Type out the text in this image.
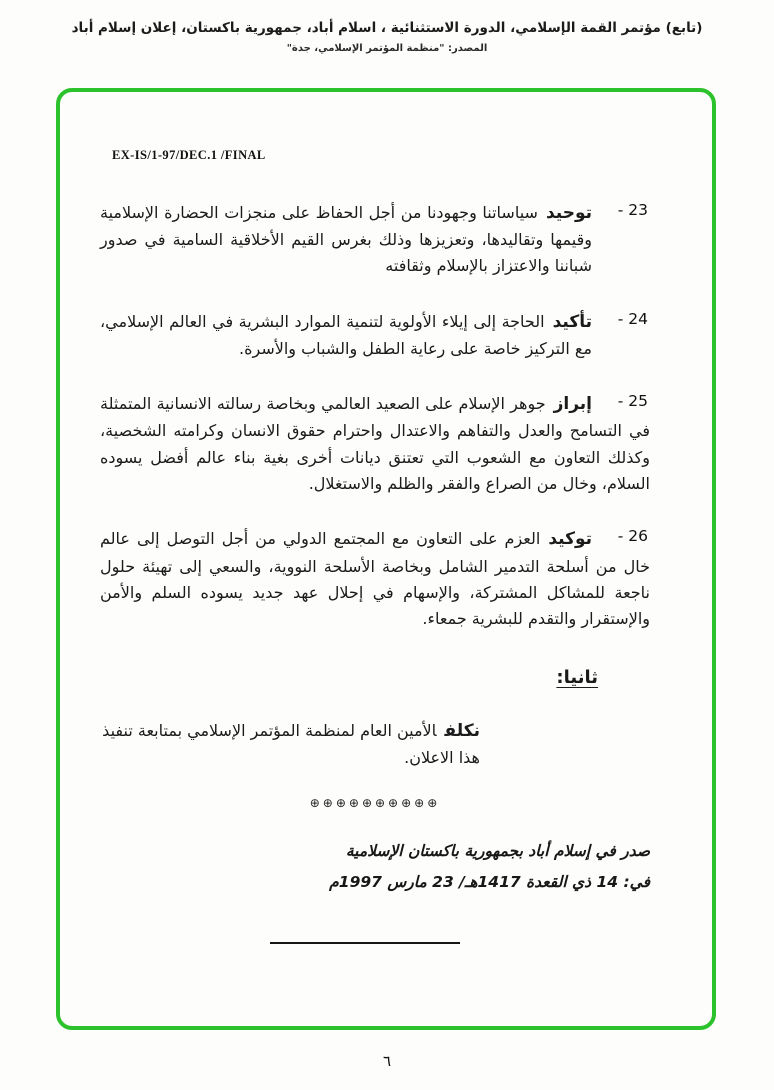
(تابع) مؤتمر القمة الإسلامي، الدورة الاستثنائية ، اسلام أباد، جمهورية باكستان، إعلان إسلام أباد
المصدر: "منظمة المؤتمر الإسلامي، جدة"
EX-IS/1-97/DEC.1 /FINAL
- 23

توحيدسياساتنا وجهودنا من أجل الحفاظ على منجزات الحضارة الإسلامية وقيمها وتقاليدها، وتعزيزها وذلك بغرس القيم الأخلاقية السامية في صدور شباننا والاعتزاز بالإسلام وثقافته

- 24

تأكيدالحاجة إلى إيلاء الأولوية لتنمية الموارد البشرية في العالم الإسلامي، مع التركيز خاصة على رعاية الطفل والشباب والأسرة.

- 25

إبرازجوهر الإسلام على الصعيد العالمي وبخاصة رسالته الانسانية المتمثلة في التسامح والعدل والتفاهم والاعتدال واحترام حقوق الانسان وكرامته الشخصية، وكذلك التعاون مع الشعوب التي تعتنق ديانات أخرى بغية بناء عالم أفضل يسوده السلام، وخال من الصراع والفقر والظلم والاستغلال.

- 26

توكيدالعزم على التعاون مع المجتمع الدولي من أجل التوصل إلى عالم خال من أسلحة التدمير الشامل وبخاصة الأسلحة النووية، والسعي إلى تهيئة حلول ناجعة للمشاكل المشتركة، والإسهام في إحلال عهد جديد يسوده السلم والأمن والإستقرار والتقدم للبشرية جمعاء.

ثانيا:

نكلفالأمين العام لمنظمة المؤتمر الإسلامي بمتابعة تنفيذ هذا الاعلان.

⊕⊕⊕⊕⊕⊕⊕⊕⊕⊕
صدر في إسلام أباد بجمهورية باكستان الإسلامية
في: 14 ذي القعدة 1417هـ/ 23 مارس 1997م
٦
